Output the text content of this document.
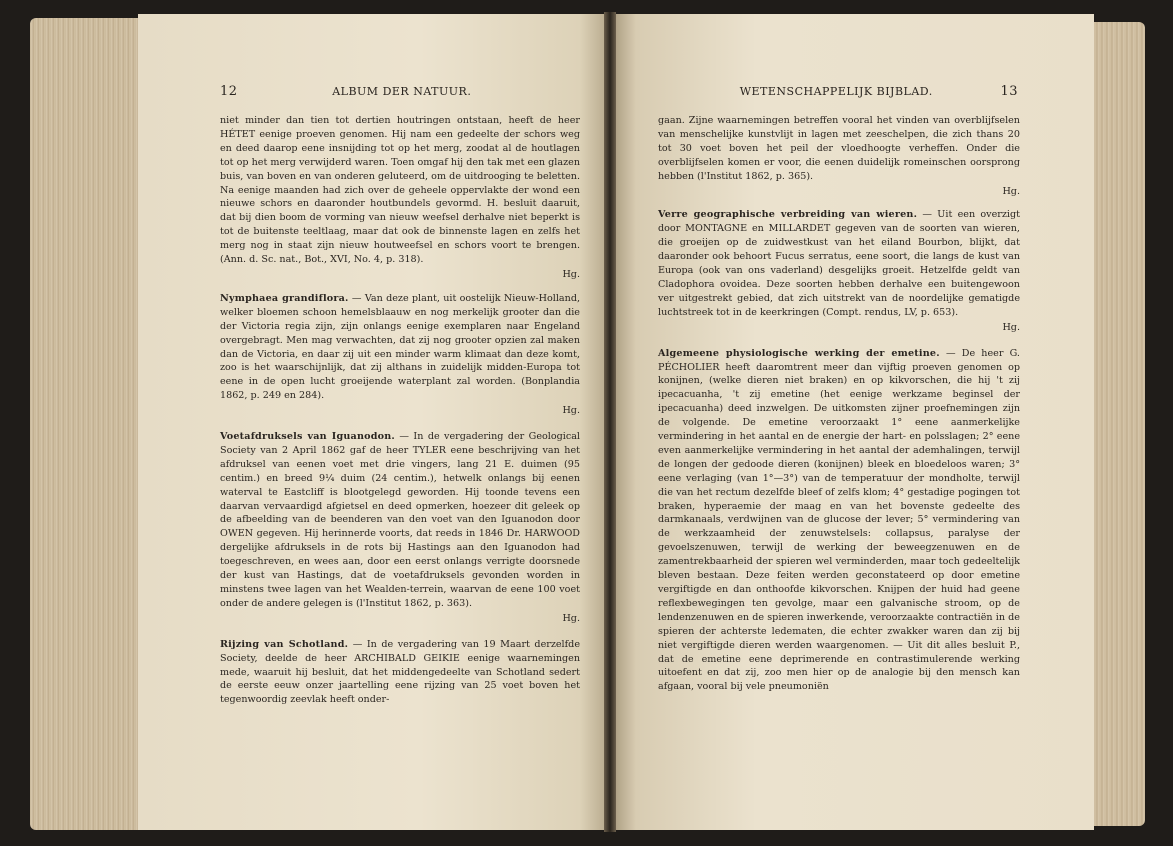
12	ALBUM DER NATUUR.

niet minder dan tien tot dertien houtringen ontstaan, heeft de heer HÉTET eenige proeven genomen. Hij nam een gedeelte der schors weg en deed daarop eene insnijding tot op het merg, zoodat al de houtlagen tot op het merg verwijderd waren. Toen omgaf hij den tak met een glazen buis, van boven en van onderen geluteerd, om de uitdrooging te beletten. Na eenige maanden had zich over de geheele oppervlakte der wond een nieuwe schors en daaronder houtbundels gevormd. H. besluit daaruit, dat bij dien boom de vorming van nieuw weefsel derhalve niet beperkt is tot de buitenste teeltlaag, maar dat ook de binnenste lagen en zelfs het merg nog in staat zijn nieuw houtweefsel en schors voort te brengen. (Ann. d. Sc. nat., Bot., XVI, No. 4, p. 318).

Hg.

Nymphaea grandiflora. — Van deze plant, uit oostelijk Nieuw-Holland, welker bloemen schoon hemelsblaauw en nog merkelijk grooter dan die der Victoria regia zijn, zijn onlangs eenige exemplaren naar Engeland overgebragt. Men mag verwachten, dat zij nog grooter opzien zal maken dan de Victoria, en daar zij uit een minder warm klimaat dan deze komt, zoo is het waarschijnlijk, dat zij althans in zuidelijk midden-Europa tot eene in de open lucht groeijende waterplant zal worden. (Bonplandia 1862, p. 249 en 284).

Hg.

Voetafdruksels van Iguanodon. — In de vergadering der Geological Society van 2 April 1862 gaf de heer TYLER eene beschrijving van het afdruksel van eenen voet met drie vingers, lang 21 E. duimen (95 centim.) en breed 9¼ duim (24 centim.), hetwelk onlangs bij eenen waterval te Eastcliff is blootgelegd geworden. Hij toonde tevens een daarvan vervaardigd afgietsel en deed opmerken, hoezeer dit geleek op de afbeelding van de beenderen van den voet van den Iguanodon door OWEN gegeven. Hij herinnerde voorts, dat reeds in 1846 Dr. HARWOOD dergelijke afdruksels in de rots bij Hastings aan den Iguanodon had toegeschreven, en wees aan, door een eerst onlangs verrigte doorsnede der kust van Hastings, dat de voetafdruksels gevonden worden in minstens twee lagen van het Wealden-terrein, waarvan de eene 100 voet onder de andere gelegen is (l'Institut 1862, p. 363).

Hg.

Rijzing van Schotland. — In de vergadering van 19 Maart derzelfde Society, deelde de heer ARCHIBALD GEIKIE eenige waarnemingen mede, waaruit hij besluit, dat het middengedeelte van Schotland sedert de eerste eeuw onzer jaartelling eene rijzing van 25 voet boven het tegenwoordig zeevlak heeft onder-

WETENSCHAPPELIJK BIJBLAD.	13

gaan. Zijne waarnemingen betreffen vooral het vinden van overblijfselen van menschelijke kunstvlijt in lagen met zeeschelpen, die zich thans 20 tot 30 voet boven het peil der vloedhoogte verheffen. Onder die overblijfselen komen er voor, die eenen duidelijk romeinschen oorsprong hebben (l'Institut 1862, p. 365).

Hg.

Verre geographische verbreiding van wieren. — Uit een overzigt door MONTAGNE en MILLARDET gegeven van de soorten van wieren, die groeijen op de zuidwestkust van het eiland Bourbon, blijkt, dat daaronder ook behoort Fucus serratus, eene soort, die langs de kust van Europa (ook van ons vaderland) desgelijks groeit. Hetzelfde geldt van Cladophora ovoidea. Deze soorten hebben derhalve een buitengewoon ver uitgestrekt gebied, dat zich uitstrekt van de noordelijke gematigde luchtstreek tot in de keerkringen (Compt. rendus, LV, p. 653).

Hg.

Algemeene physiologische werking der emetine. — De heer G. PÉCHOLIER heeft daaromtrent meer dan vijftig proeven genomen op konijnen, (welke dieren niet braken) en op kikvorschen, die hij 't zij ipecacuanha, 't zij emetine (het eenige werkzame beginsel der ipecacuanha) deed inzwelgen. De uitkomsten zijner proefnemingen zijn de volgende. De emetine veroorzaakt 1° eene aanmerkelijke vermindering in het aantal en de energie der hart- en polsslagen; 2° eene even aanmerkelijke vermindering in het aantal der ademhalingen, terwijl de longen der gedoode dieren (konijnen) bleek en bloedeloos waren; 3° eene verlaging (van 1°—3°) van de temperatuur der mondholte, terwijl die van het rectum dezelfde bleef of zelfs klom; 4° gestadige pogingen tot braken, hyperaemie der maag en van het bovenste gedeelte des darmkanaals, verdwijnen van de glucose der lever; 5° vermindering van de werkzaamheid der zenuwstelsels: collapsus, paralyse der gevoelszenuwen, terwijl de werking der beweegzenuwen en de zamentrekbaarheid der spieren wel verminderden, maar toch gedeeltelijk bleven bestaan. Deze feiten werden geconstateerd op door emetine vergiftigde en dan onthoofde kikvorschen. Knijpen der huid had geene reflexbewegingen ten gevolge, maar een galvanische stroom, op de lendenzenuwen en de spieren inwerkende, veroorzaakte contractiën in de spieren der achterste ledematen, die echter zwakker waren dan zij bij niet vergiftigde dieren werden waargenomen. — Uit dit alles besluit P., dat de emetine eene deprimerende en contrastimulerende werking uitoefent en dat zij, zoo men hier op de analogie bij den mensch kan afgaan, vooral bij vele pneumoniën
